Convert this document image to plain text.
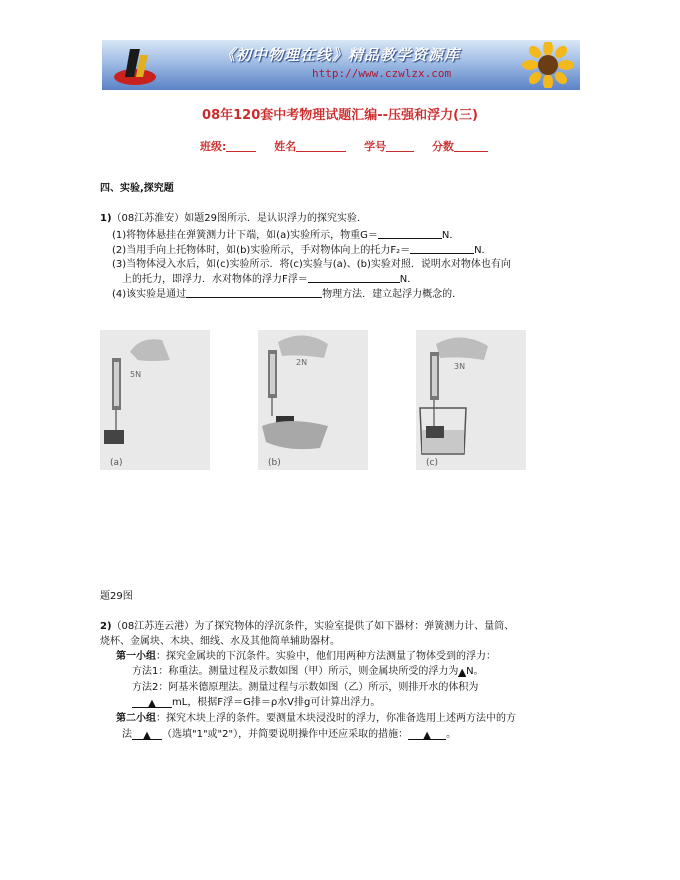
《初中物理在线》精品教学资源库
http://www.czwlzx.com
08年120套中考物理试题汇编--压强和浮力(三)
班级:	姓名	学号	分数
四、实验,探究题
1)（08江苏淮安）如题29图所示．是认识浮力的探究实验．
(1)将物体悬挂在弹簧测力计下端，如(a)实验所示，物重G＝	N．
(2)当用手向上托物体时，如(b)实验所示，手对物体向上的托力F₂＝	N．
(3)当物体浸入水后，如(c)实验所示．将(c)实验与(a)、(b)实验对照．说明水对物体也有向
上的托力，即浮力．水对物体的浮力F浮＝	N．
(4)该实验是通过	物理方法．建立起浮力概念的．
5N
(a)
2N
(b)
3N
(c)
题29图
2)（08江苏连云港）为了探究物体的浮沉条件，实验室提供了如下器材：弹簧测力计、量筒、
烧杯、金属块、木块、细线、水及其他简单辅助器材。
第一小组：探究金属块的下沉条件。实验中，他们用两种方法测量了物体受到的浮力：
方法1：称重法。测量过程及示数如图（甲）所示，则金属块所受的浮力为▲N。
方法2：阿基米德原理法。测量过程与示数如图（乙）所示，则排开水的体积为
▲ mL，根据F浮＝G排＝ρ水V排g可计算出浮力。
第二小组：探究木块上浮的条件。要测量木块浸没时的浮力，你准备选用上述两方法中的方
法 ▲ （选填"1"或"2"），并简要说明操作中还应采取的措施： ▲ 。
